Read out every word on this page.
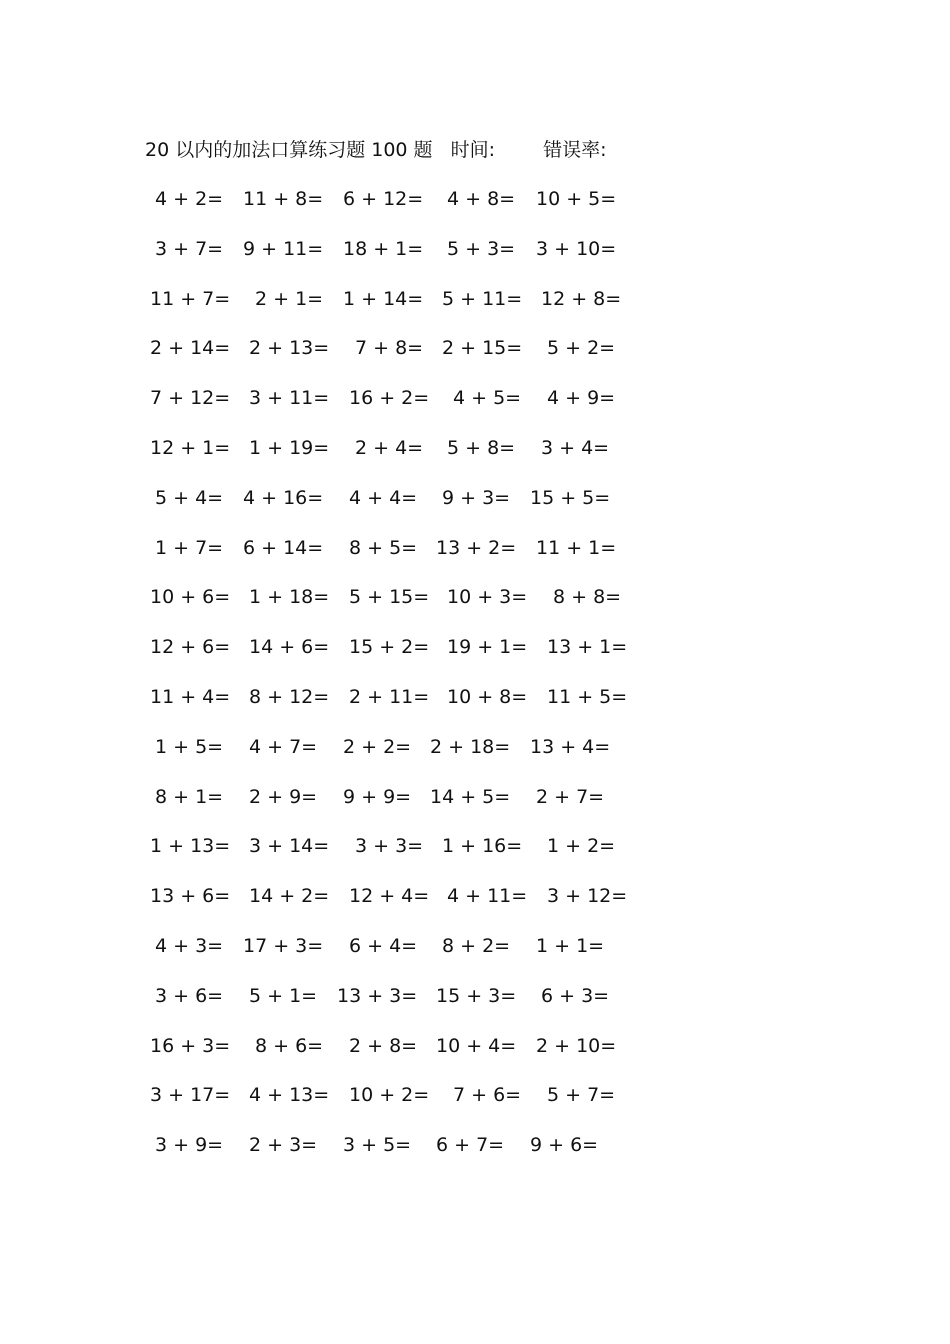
20 以内的加法口算练习题 100 题 时间:	错误率:
4 + 2= 11 + 8= 6 + 12= 4 + 8= 10 + 5=
3 + 7= 9 + 11= 18 + 1= 5 + 3= 3 + 10=
11 + 7= 2 + 1= 1 + 14= 5 + 11= 12 + 8=
2 + 14= 2 + 13= 7 + 8= 2 + 15= 5 + 2=
7 + 12= 3 + 11= 16 + 2= 4 + 5= 4 + 9=
12 + 1= 1 + 19= 2 + 4= 5 + 8= 3 + 4=
5 + 4= 4 + 16= 4 + 4= 9 + 3= 15 + 5=
1 + 7= 6 + 14= 8 + 5= 13 + 2= 11 + 1=
10 + 6= 1 + 18= 5 + 15= 10 + 3= 8 + 8=
12 + 6= 14 + 6= 15 + 2= 19 + 1= 13 + 1=
11 + 4= 8 + 12= 2 + 11= 10 + 8= 11 + 5=
1 + 5= 4 + 7= 2 + 2= 2 + 18= 13 + 4=
8 + 1= 2 + 9= 9 + 9= 14 + 5= 2 + 7=
1 + 13= 3 + 14= 3 + 3= 1 + 16= 1 + 2=
13 + 6= 14 + 2= 12 + 4= 4 + 11= 3 + 12=
4 + 3= 17 + 3= 6 + 4= 8 + 2= 1 + 1=
3 + 6= 5 + 1= 13 + 3= 15 + 3= 6 + 3=
16 + 3= 8 + 6= 2 + 8= 10 + 4= 2 + 10=
3 + 17= 4 + 13= 10 + 2= 7 + 6= 5 + 7=
3 + 9= 2 + 3= 3 + 5= 6 + 7= 9 + 6=
